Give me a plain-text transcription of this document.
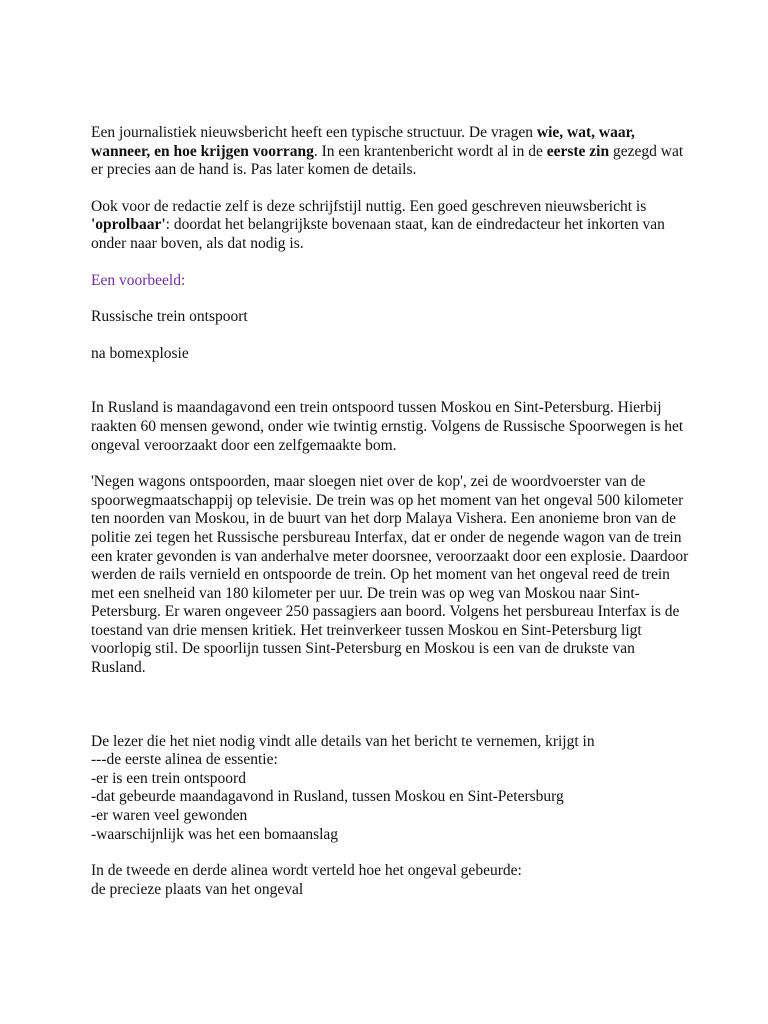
Een journalistiek nieuwsbericht heeft een typische structuur. De vragen wie, wat, waar, wanneer, en hoe krijgen voorrang. In een krantenbericht wordt al in de eerste zin gezegd wat er precies aan de hand is. Pas later komen de details.

Ook voor de redactie zelf is deze schrijfstijl nuttig. Een goed geschreven nieuwsbericht is 'oprolbaar': doordat het belangrijkste bovenaan staat, kan de eindredacteur het inkorten van onder naar boven, als dat nodig is.

Een voorbeeld:

Russische trein ontspoort

na bomexplosie

In Rusland is maandagavond een trein ontspoord tussen Moskou en Sint-Petersburg. Hierbij raakten 60 mensen gewond, onder wie twintig ernstig. Volgens de Russische Spoorwegen is het ongeval veroorzaakt door een zelfgemaakte bom.

'Negen wagons ontspoorden, maar sloegen niet over de kop', zei de woordvoerster van de spoorwegmaatschappij op televisie. De trein was op het moment van het ongeval 500 kilometer ten noorden van Moskou, in de buurt van het dorp Malaya Vishera. Een anonieme bron van de politie zei tegen het Russische persbureau Interfax, dat er onder de negende wagon van de trein een krater gevonden is van anderhalve meter doorsnee, veroorzaakt door een explosie. Daardoor werden de rails vernield en ontspoorde de trein. Op het moment van het ongeval reed de trein met een snelheid van 180 kilometer per uur. De trein was op weg van Moskou naar Sint-Petersburg. Er waren ongeveer 250 passagiers aan boord. Volgens het persbureau Interfax is de toestand van drie mensen kritiek. Het treinverkeer tussen Moskou en Sint-Petersburg ligt voorlopig stil. De spoorlijn tussen Sint-Petersburg en Moskou is een van de drukste van Rusland.

De lezer die het niet nodig vindt alle details van het bericht te vernemen, krijgt in

---de eerste alinea de essentie:

-er is een trein ontspoord

-dat gebeurde maandagavond in Rusland, tussen Moskou en Sint-Petersburg

-er waren veel gewonden

-waarschijnlijk was het een bomaanslag

In de tweede en derde alinea wordt verteld hoe het ongeval gebeurde:

de precieze plaats van het ongeval
